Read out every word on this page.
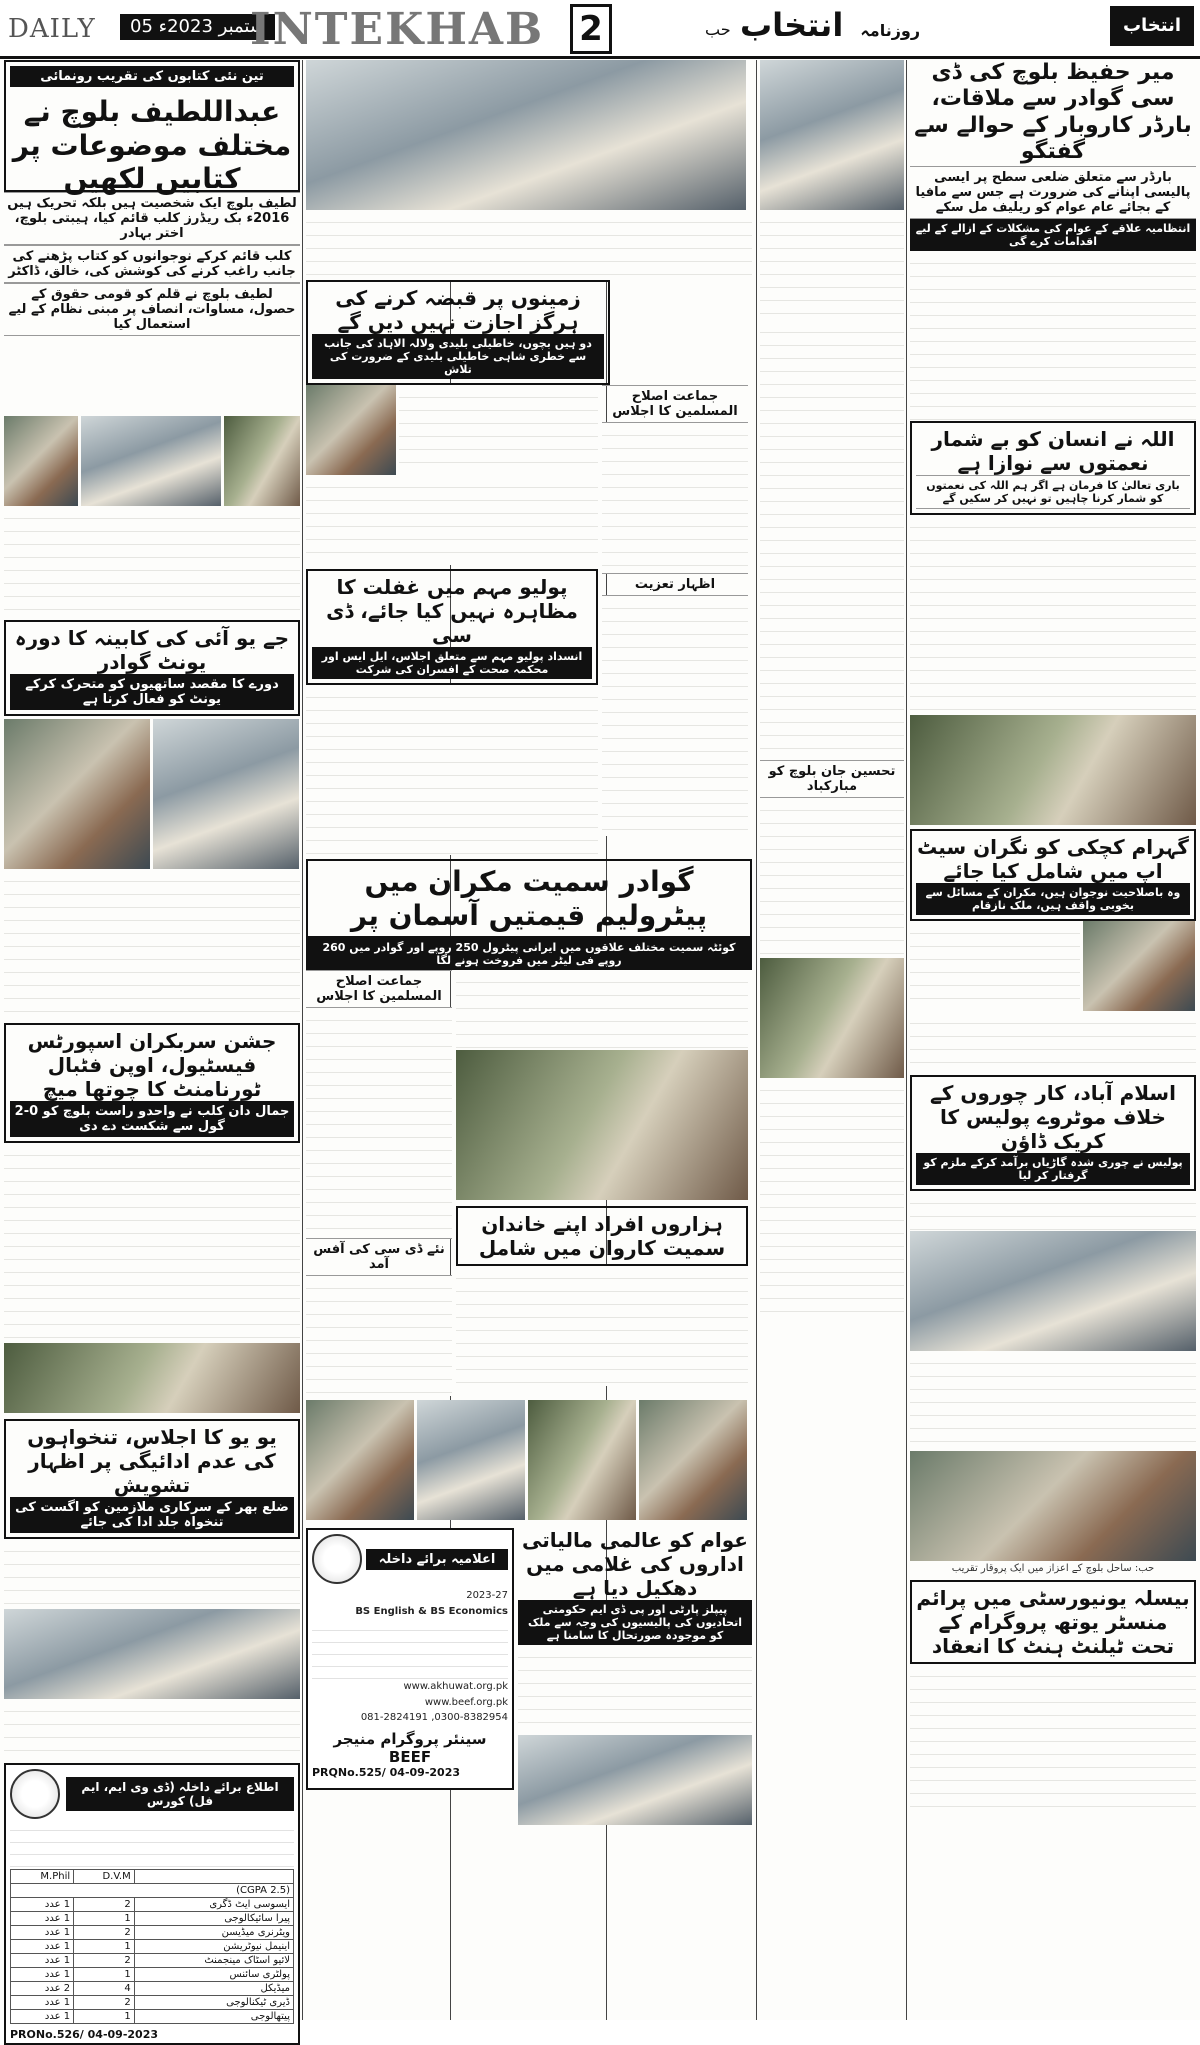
DAILY	05 ستمبر 2023ء
INTEKHAB 2	حب	روزنامہ انتخاب	انتخاب
تین نئی کتابوں کی تقریب رونمائی
عبداللطیف بلوچ نے مختلف موضوعات پر کتابیں لکھیں
لطیف بلوچ ایک شخصیت ہیں بلکہ تحریک ہیں 2016ء بک ریڈرز کلب قائم کیا، ہیبتی بلوچ، اختر بہادر
کلب قائم کرکے نوجوانوں کو کتاب پڑھنے کی جانب راغب کرنے کی کوشش کی، خالق، ڈاکٹر
لطیف بلوچ نے قلم کو قومی حقوق کے حصول، مساوات، انصاف پر مبنی نظام کے لیے استعمال کیا
جے یو آئی کی کابینہ کا دورہ یونٹ گوادر
دورے کا مقصد ساتھیوں کو متحرک کرکے یونٹ کو فعال کرنا ہے
جشن سربکران اسپورٹس فیسٹیول، اوپن فٹبال ٹورنامنٹ کا چوتھا میچ
جمال دان کلب نے واحدو راست بلوچ کو 0-2 گول سے شکست دے دی
یو یو کا اجلاس، تنخواہوں کی عدم ادائیگی پر اظہار تشویش
ضلع بھر کے سرکاری ملازمین کو اگست کی تنخواہ جلد ادا کی جائے
اطلاع برائے داخلہ (ڈی وی ایم، ایم فل) کورس
	D.V.M	M.Phil
(2.5 CGPA)		
ایسوسی ایٹ ڈگری	2	1 عدد
پیرا سائیکالوجی	1	1 عدد
ویٹرنری میڈیسن	2	1 عدد
اینیمل نیوٹریشن	1	1 عدد
لائیو اسٹاک مینجمنٹ	2	1 عدد
پولٹری سائنس	1	1 عدد
میڈیکل	4	2 عدد
ڈیری ٹیکنالوجی	2	1 عدد
پیتھالوجی	1	1 عدد
PRONo.526/ 04-09-2023
زمینوں پر قبضہ کرنے کی ہرگز اجازت نہیں دیں گے
دو ہیں بچوں، خاطیلی بلیدی ولالہ الاہاد کی جانب سے خطری شاہی خاطیلی بلیدی کے ضرورت کی تلاش
پولیو مہم میں غفلت کا مظاہرہ نہیں کیا جائے، ڈی سی
انسداد پولیو مہم سے متعلق اجلاس، ایل ایس اور محکمہ صحت کے افسران کی شرکت
جماعت اصلاح المسلمین کا اجلاس
اظہار تعزیت
گوادر سمیت مکران میں پیٹرولیم قیمتیں آسمان پر
کوئٹہ سمیت مختلف علاقوں میں ایرانی پیٹرول 250 روپے اور گوادر میں 260 روپے فی لیٹر میں فروخت ہونے لگا
جماعت اصلاح المسلمین کا اجلاس
نئے ڈی سی کی آفس آمد
ہزاروں افراد اپنے خاندان سمیت کاروان میں شامل
اعلامیہ برائے داخلہ
2023-27
BS English & BS Economics
www.akhuwat.org.pk
www.beef.org.pk
0300-8382954, 081-2824191
سینئر پروگرام منیجر
BEEF
PRQNo.525/ 04-09-2023
عوام کو عالمی مالیاتی اداروں کی غلامی میں دھکیل دیا ہے
پیپلز پارٹی اور پی ڈی ایم حکومتی اتحادیوں کی پالیسیوں کی وجہ سے ملک کو موجودہ صورتحال کا سامنا ہے
میر حفیظ بلوچ کی ڈی سی گوادر سے ملاقات، بارڈر کاروبار کے حوالے سے گفتگو
بارڈر سے متعلق ضلعی سطح پر ایسی پالیسی اپنانے کی ضرورت ہے جس سے مافیا کے بجائے عام عوام کو ریلیف مل سکے
انتظامیہ علاقے کے عوام کی مشکلات کے ازالے کے لیے اقدامات کرے گی
اللہ نے انسان کو بے شمار نعمتوں سے نوازا ہے
باری تعالیٰ کا فرمان ہے اگر ہم اللہ کی نعمتوں کو شمار کرنا چاہیں تو نہیں کر سکیں گے
گہرام کچکی کو نگران سیٹ اپ میں شامل کیا جائے
وہ باصلاحیت نوجوان ہیں، مکران کے مسائل سے بخوبی واقف ہیں، ملک نازقام
اسلام آباد، کار چوروں کے خلاف موٹروے پولیس کا کریک ڈاؤن
پولیس نے چوری شدہ گاڑیاں برآمد کرکے ملزم کو گرفتار کر لیا
حب: ساحل بلوچ کے اعزاز میں ایک پروقار تقریب
بیسلہ یونیورسٹی میں پرائم منسٹر یوتھ پروگرام کے تحت ٹیلنٹ ہنٹ کا انعقاد
تحسین جان بلوچ کو مبارکباد
